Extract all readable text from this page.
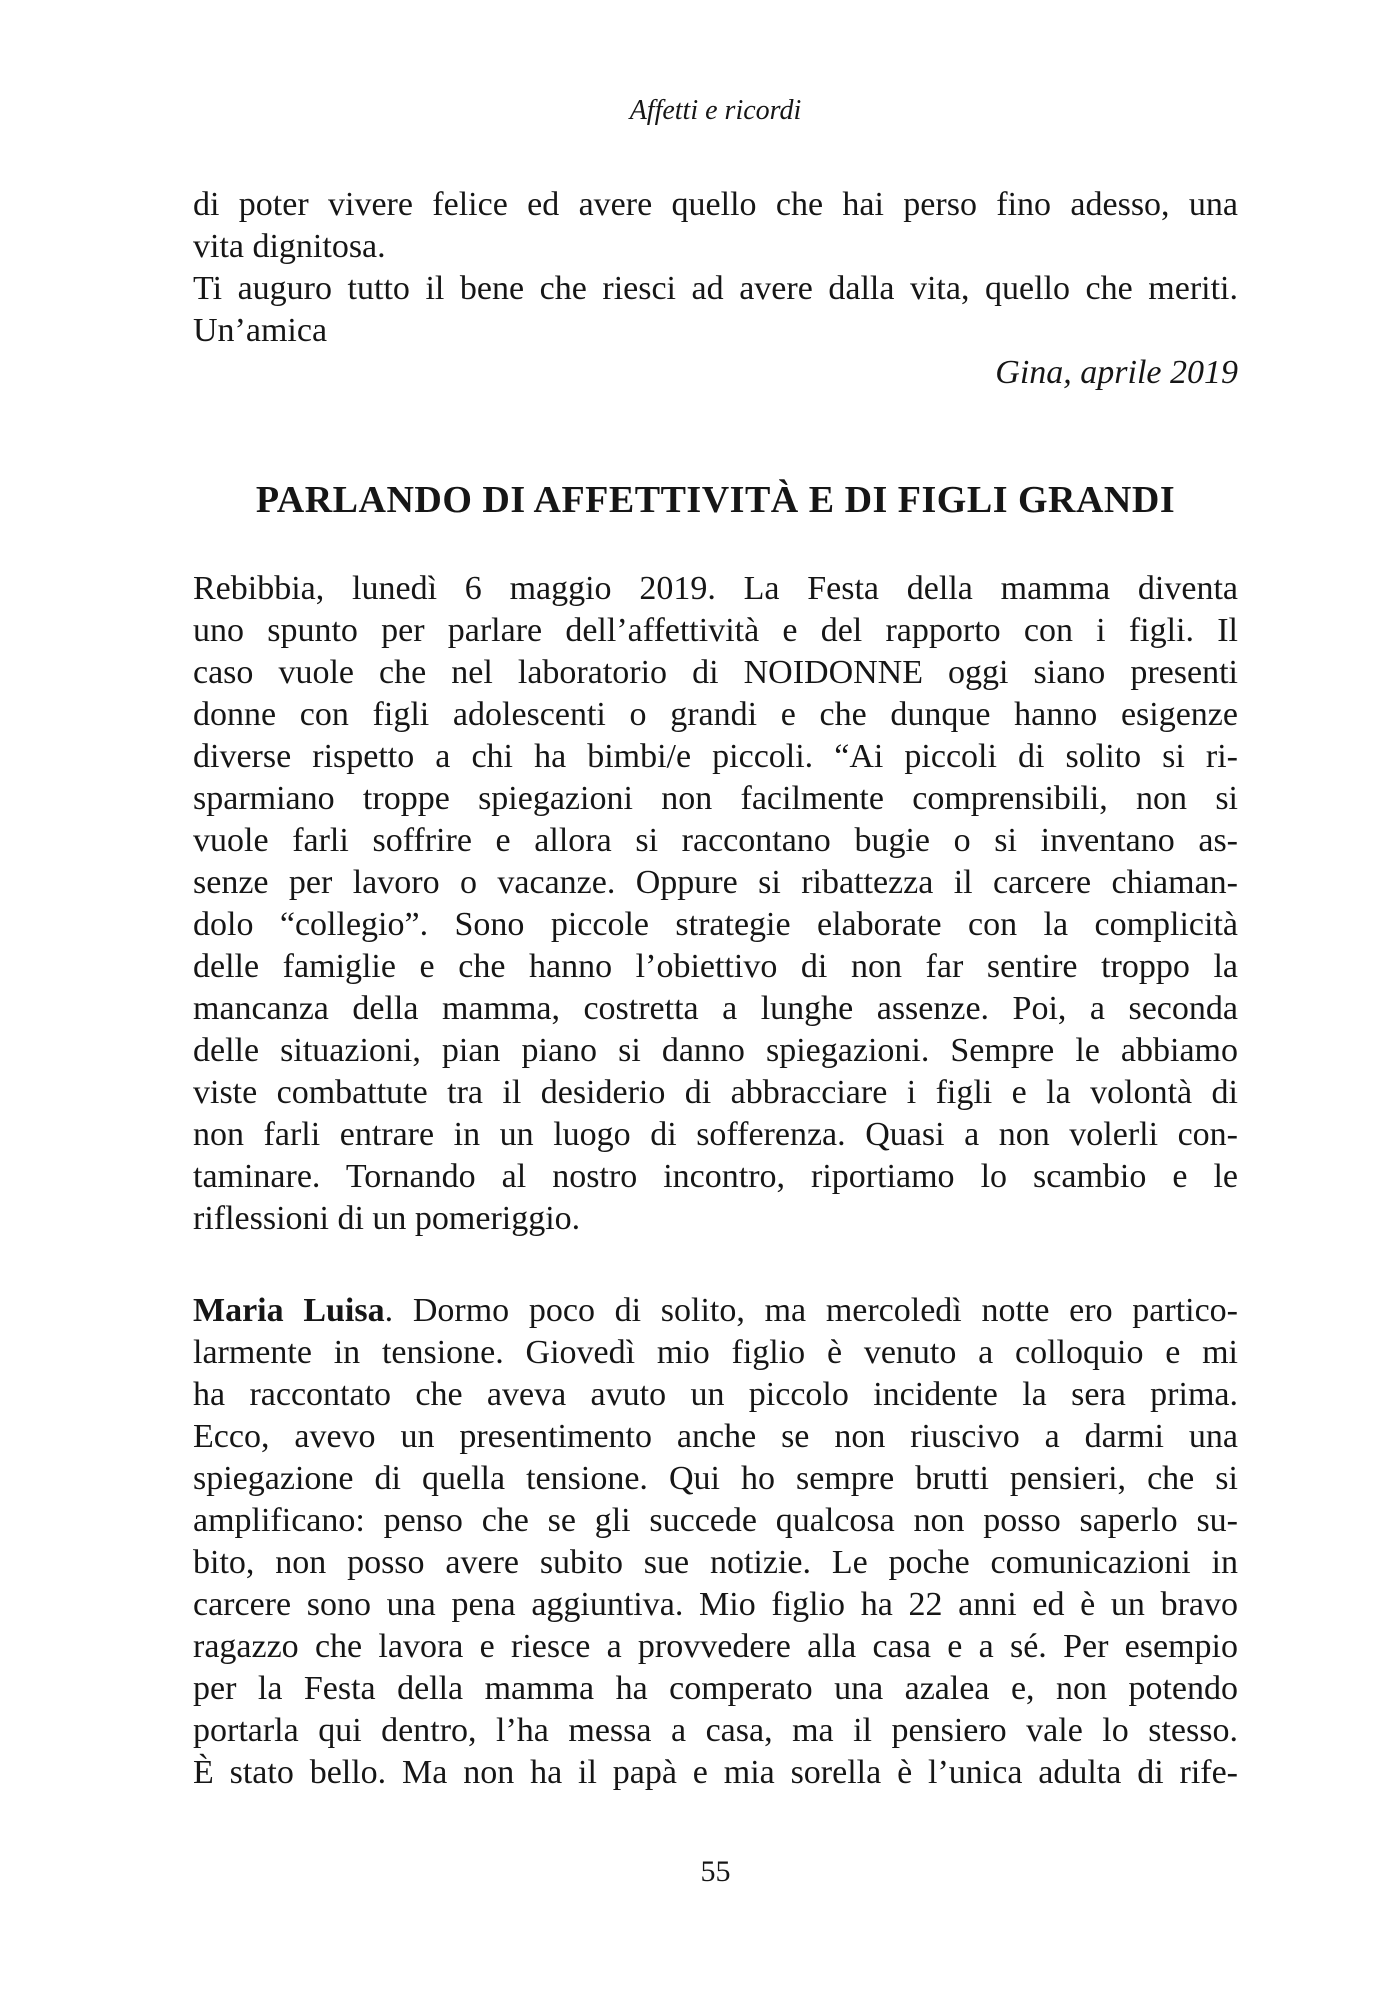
Affetti e ricordi
di poter vivere felice ed avere quello che hai perso fino adesso, una
vita dignitosa.
Ti auguro tutto il bene che riesci ad avere dalla vita, quello che meriti.
Un’amica
Gina, aprile 2019
PARLANDO DI AFFETTIVITÀ E DI FIGLI GRANDI
Rebibbia, lunedì 6 maggio 2019. La Festa della mamma diventa
uno spunto per parlare dell’affettività e del rapporto con i figli. Il
caso vuole che nel laboratorio di NOIDONNE oggi siano presenti
donne con figli adolescenti o grandi e che dunque hanno esigenze
diverse rispetto a chi ha bimbi/e piccoli. “Ai piccoli di solito si ri-
sparmiano troppe spiegazioni non facilmente comprensibili, non si
vuole farli soffrire e allora si raccontano bugie o si inventano as-
senze per lavoro o vacanze. Oppure si ribattezza il carcere chiaman-
dolo “collegio”. Sono piccole strategie elaborate con la complicità
delle famiglie e che hanno l’obiettivo di non far sentire troppo la
mancanza della mamma, costretta a lunghe assenze. Poi, a seconda
delle situazioni, pian piano si danno spiegazioni. Sempre le abbiamo
viste combattute tra il desiderio di abbracciare i figli e la volontà di
non farli entrare in un luogo di sofferenza. Quasi a non volerli con-
taminare. Tornando al nostro incontro, riportiamo lo scambio e le
riflessioni di un pomeriggio.
Maria Luisa. Dormo poco di solito, ma mercoledì notte ero partico-
larmente in tensione. Giovedì mio figlio è venuto a colloquio e mi
ha raccontato che aveva avuto un piccolo incidente la sera prima.
Ecco, avevo un presentimento anche se non riuscivo a darmi una
spiegazione di quella tensione. Qui ho sempre brutti pensieri, che si
amplificano: penso che se gli succede qualcosa non posso saperlo su-
bito, non posso avere subito sue notizie. Le poche comunicazioni in
carcere sono una pena aggiuntiva. Mio figlio ha 22 anni ed è un bravo
ragazzo che lavora e riesce a provvedere alla casa e a sé. Per esempio
per la Festa della mamma ha comperato una azalea e, non potendo
portarla qui dentro, l’ha messa a casa, ma il pensiero vale lo stesso.
È stato bello. Ma non ha il papà e mia sorella è l’unica adulta di rife-
55
